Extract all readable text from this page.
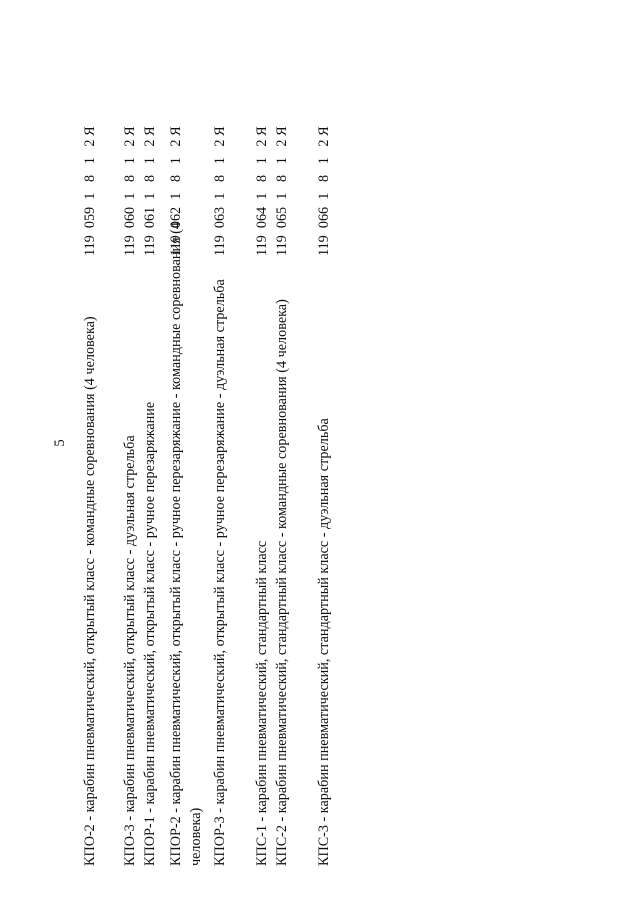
5 КПО-2 - карабин пневматический, открытый класс - командные соревнования (4 человека)
119  059  1   8   1   2 Я
КПО-3 - карабин пневматический, открытый класс - дуэльная стрельба
119  060  1   8   1   2 Я
КПОР-1 - карабин пневматический, открытый класс - ручное перезаряжание
119  061  1   8   1   2 Я
КПОР-2 - карабин пневматический, открытый класс - ручное перезаряжание - командные соревнования (4 человека)
119  062  1   8   1   2 Я
КПОР-3 - карабин пневматический, открытый класс - ручное перезаряжание - дуэльная стрельба
119  063  1   8   1   2 Я
КПС-1 - карабин пневматический, стандартный класс
119  064  1   8   1   2 Я
КПС-2 - карабин пневматический, стандартный класс - командные соревнования (4 человека)
119  065  1   8   1   2 Я
КПС-3 - карабин пневматический, стандартный класс - дуэльная стрельба
119  066  1   8   1   2 Я
